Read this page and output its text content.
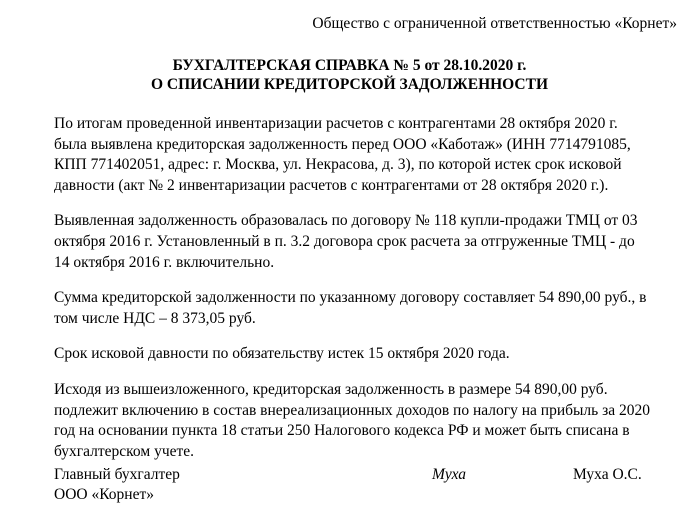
Общество с ограниченной ответственностью «Корнет»
БУХГАЛТЕРСКАЯ СПРАВКА № 5 от 28.10.2020 г.
О СПИСАНИИ КРЕДИТОРСКОЙ ЗАДОЛЖЕННОСТИ

По итогам проведенной инвентаризации расчетов с контрагентами 28 октября 2020 г.
была выявлена кредиторская задолженность перед ООО «Каботаж» (ИНН 7714791085,
КПП 771402051, адрес: г. Москва, ул. Некрасова, д. 3), по которой истек срок исковой
давности (акт № 2 инвентаризации расчетов с контрагентами от 28 октября 2020 г.).

Выявленная задолженность образовалась по договору № 118 купли-продажи ТМЦ от 03
октября 2016 г. Установленный в п. 3.2 договора срок расчета за отгруженные ТМЦ - до
14 октября 2016 г. включительно.

Сумма кредиторской задолженности по указанному договору составляет 54 890,00 руб., в
том числе НДС – 8 373,05 руб.

Срок исковой давности по обязательству истек 15 октября 2020 года.

Исходя из вышеизложенного, кредиторская задолженность в размере 54 890,00 руб.
подлежит включению в состав внереализационных доходов по налогу на прибыль за 2020
год на основании пункта 18 статьи 250 Налогового кодекса РФ и может быть списана в
бухгалтерском учете.

Главный бухгалтер
ООО «Корнет»
Муха	Муха О.С.
